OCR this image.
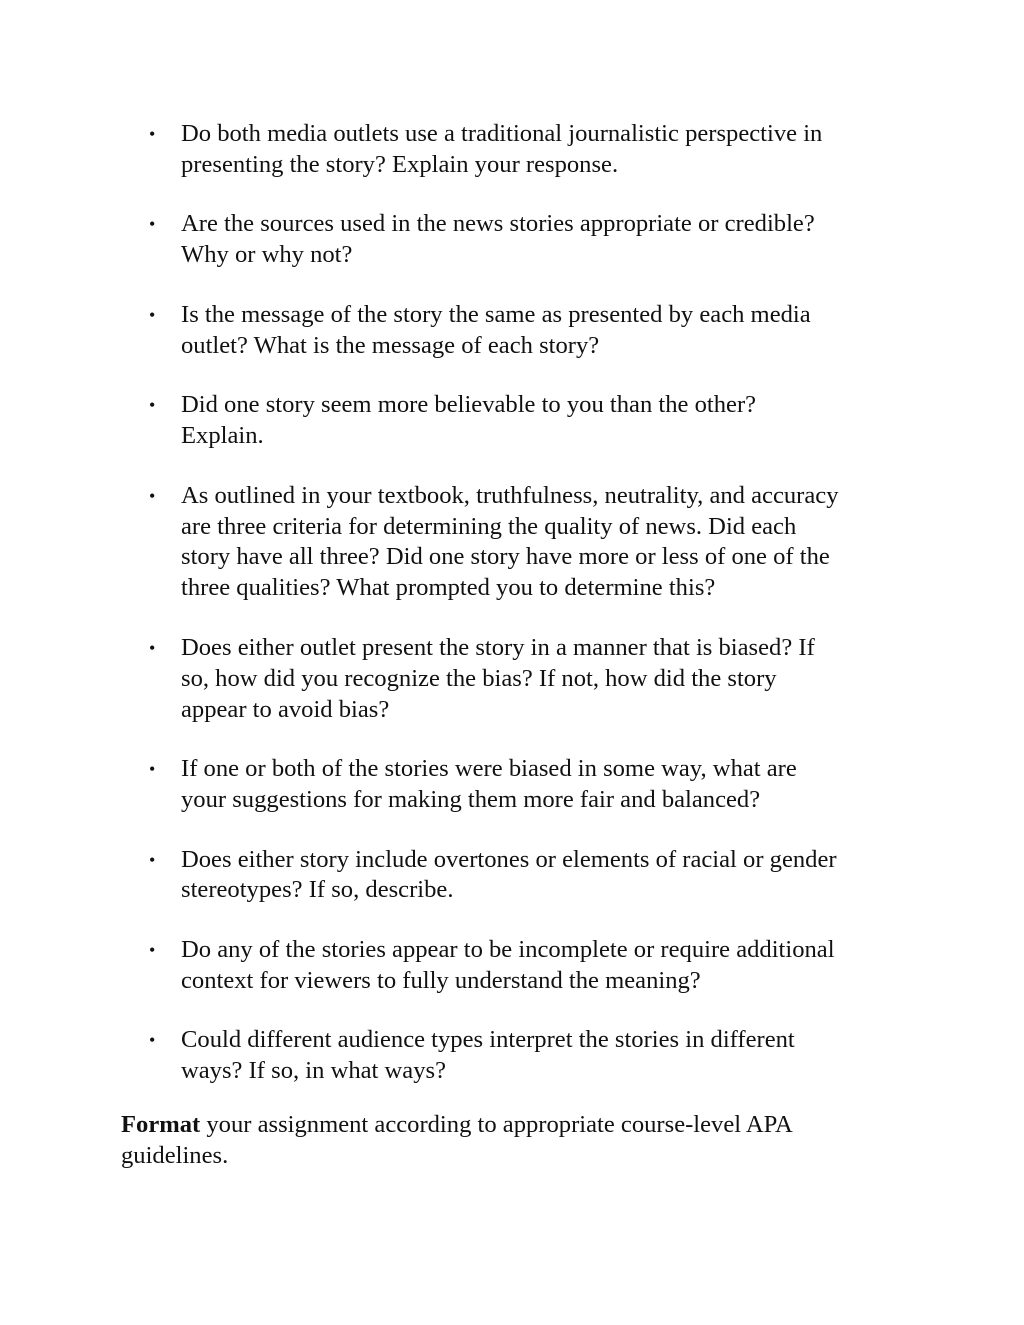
• Do both media outlets use a traditional journalistic perspective in
presenting the story? Explain your response.
• Are the sources used in the news stories appropriate or credible?
Why or why not?
• Is the message of the story the same as presented by each media
outlet? What is the message of each story?
• Did one story seem more believable to you than the other?
Explain.
• As outlined in your textbook, truthfulness, neutrality, and accuracy
are three criteria for determining the quality of news. Did each
story have all three? Did one story have more or less of one of the
three qualities? What prompted you to determine this?
• Does either outlet present the story in a manner that is biased? If
so, how did you recognize the bias? If not, how did the story
appear to avoid bias?
• If one or both of the stories were biased in some way, what are
your suggestions for making them more fair and balanced?
• Does either story include overtones or elements of racial or gender
stereotypes? If so, describe.
• Do any of the stories appear to be incomplete or require additional
context for viewers to fully understand the meaning?
• Could different audience types interpret the stories in different
ways? If so, in what ways?

Format your assignment according to appropriate course-level APA
guidelines.
